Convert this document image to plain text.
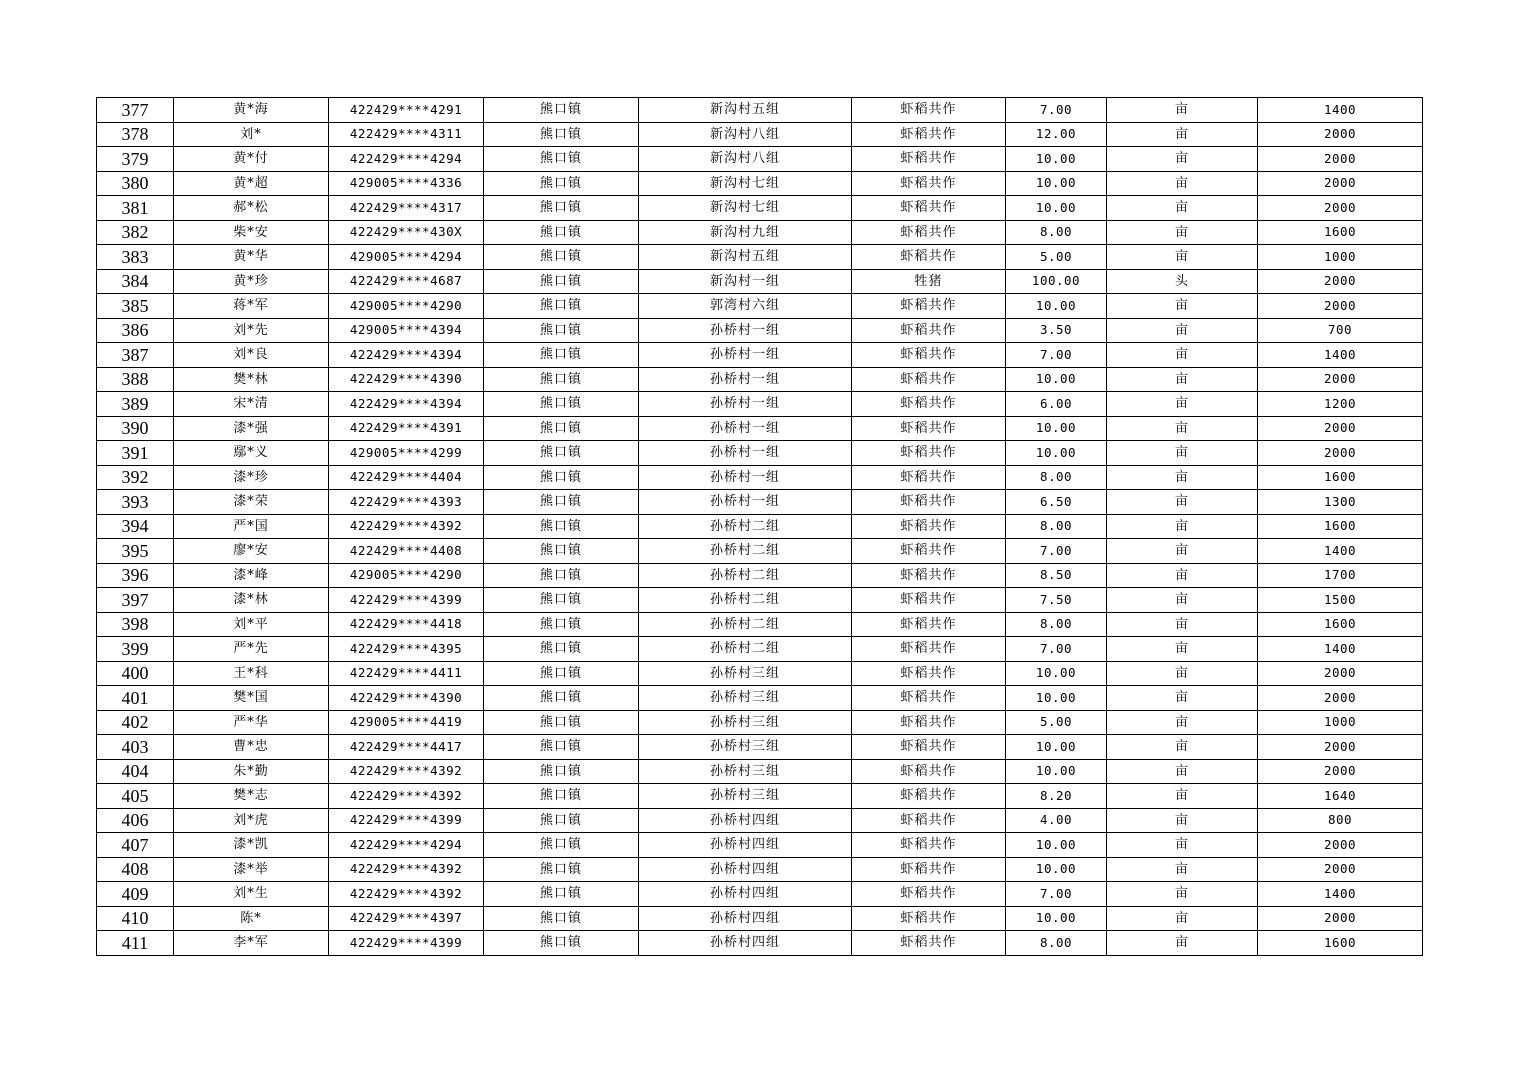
377	黄*海	422429****4291	熊口镇	新沟村五组	虾稻共作	7.00	亩	1400
378	刘*	422429****4311	熊口镇	新沟村八组	虾稻共作	12.00	亩	2000
379	黄*付	422429****4294	熊口镇	新沟村八组	虾稻共作	10.00	亩	2000
380	黄*超	429005****4336	熊口镇	新沟村七组	虾稻共作	10.00	亩	2000
381	郝*松	422429****4317	熊口镇	新沟村七组	虾稻共作	10.00	亩	2000
382	柴*安	422429****430X	熊口镇	新沟村九组	虾稻共作	8.00	亩	1600
383	黄*华	429005****4294	熊口镇	新沟村五组	虾稻共作	5.00	亩	1000
384	黄*珍	422429****4687	熊口镇	新沟村一组	牲猪	100.00	头	2000
385	蒋*军	429005****4290	熊口镇	郭湾村六组	虾稻共作	10.00	亩	2000
386	刘*先	429005****4394	熊口镇	孙桥村一组	虾稻共作	3.50	亩	700
387	刘*良	422429****4394	熊口镇	孙桥村一组	虾稻共作	7.00	亩	1400
388	樊*林	422429****4390	熊口镇	孙桥村一组	虾稻共作	10.00	亩	2000
389	宋*清	422429****4394	熊口镇	孙桥村一组	虾稻共作	6.00	亩	1200
390	漆*强	422429****4391	熊口镇	孙桥村一组	虾稻共作	10.00	亩	2000
391	鄢*义	429005****4299	熊口镇	孙桥村一组	虾稻共作	10.00	亩	2000
392	漆*珍	422429****4404	熊口镇	孙桥村一组	虾稻共作	8.00	亩	1600
393	漆*荣	422429****4393	熊口镇	孙桥村一组	虾稻共作	6.50	亩	1300
394	严*国	422429****4392	熊口镇	孙桥村二组	虾稻共作	8.00	亩	1600
395	廖*安	422429****4408	熊口镇	孙桥村二组	虾稻共作	7.00	亩	1400
396	漆*峰	429005****4290	熊口镇	孙桥村二组	虾稻共作	8.50	亩	1700
397	漆*林	422429****4399	熊口镇	孙桥村二组	虾稻共作	7.50	亩	1500
398	刘*平	422429****4418	熊口镇	孙桥村二组	虾稻共作	8.00	亩	1600
399	严*先	422429****4395	熊口镇	孙桥村二组	虾稻共作	7.00	亩	1400
400	王*科	422429****4411	熊口镇	孙桥村三组	虾稻共作	10.00	亩	2000
401	樊*国	422429****4390	熊口镇	孙桥村三组	虾稻共作	10.00	亩	2000
402	严*华	429005****4419	熊口镇	孙桥村三组	虾稻共作	5.00	亩	1000
403	曹*忠	422429****4417	熊口镇	孙桥村三组	虾稻共作	10.00	亩	2000
404	朱*勤	422429****4392	熊口镇	孙桥村三组	虾稻共作	10.00	亩	2000
405	樊*志	422429****4392	熊口镇	孙桥村三组	虾稻共作	8.20	亩	1640
406	刘*虎	422429****4399	熊口镇	孙桥村四组	虾稻共作	4.00	亩	800
407	漆*凯	422429****4294	熊口镇	孙桥村四组	虾稻共作	10.00	亩	2000
408	漆*举	422429****4392	熊口镇	孙桥村四组	虾稻共作	10.00	亩	2000
409	刘*生	422429****4392	熊口镇	孙桥村四组	虾稻共作	7.00	亩	1400
410	陈*	422429****4397	熊口镇	孙桥村四组	虾稻共作	10.00	亩	2000
411	李*军	422429****4399	熊口镇	孙桥村四组	虾稻共作	8.00	亩	1600
